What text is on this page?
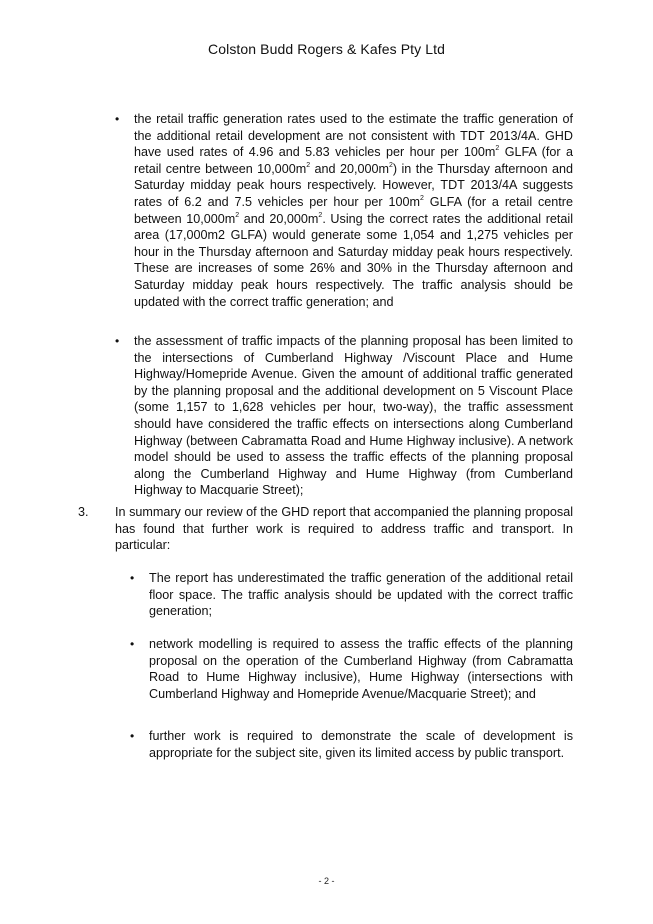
Colston Budd Rogers & Kafes Pty Ltd
• the retail traffic generation rates used to the estimate the traffic generation of the additional retail development are not consistent with TDT 2013/4A. GHD have used rates of 4.96 and 5.83 vehicles per hour per $100m^2$ GLFA (for a retail centre between $10,000m^2$ and $20,000m^2$) in the Thursday afternoon and Saturday midday peak hours respectively. However, TDT 2013/4A suggests rates of 6.2 and 7.5 vehicles per hour per $100m^2$ GLFA (for a retail centre between $10,000m^2$ and $20,000m^2$. Using the correct rates the additional retail area (17,000m2 GLFA) would generate some 1,054 and 1,275 vehicles per hour in the Thursday afternoon and Saturday midday peak hours respectively. These are increases of some 26% and 30% in the Thursday afternoon and Saturday midday peak hours respectively. The traffic analysis should be updated with the correct traffic generation; and

• the assessment of traffic impacts of the planning proposal has been limited to the intersections of Cumberland Highway /Viscount Place and Hume Highway/Homepride Avenue. Given the amount of additional traffic generated by the planning proposal and the additional development on 5 Viscount Place (some 1,157 to 1,628 vehicles per hour, two-way), the traffic assessment should have considered the traffic effects on intersections along Cumberland Highway (between Cabramatta Road and Hume Highway inclusive). A network model should be used to assess the traffic effects of the planning proposal along the Cumberland Highway and Hume Highway (from Cumberland Highway to Macquarie Street);

3. In summary our review of the GHD report that accompanied the planning proposal has found that further work is required to address traffic and transport. In particular:

• The report has underestimated the traffic generation of the additional retail floor space. The traffic analysis should be updated with the correct traffic generation;

• network modelling is required to assess the traffic effects of the planning proposal on the operation of the Cumberland Highway (from Cabramatta Road to Hume Highway inclusive), Hume Highway (intersections with Cumberland Highway and Homepride Avenue/Macquarie Street); and

• further work is required to demonstrate the scale of development is appropriate for the subject site, given its limited access by public transport.

- 2 -
